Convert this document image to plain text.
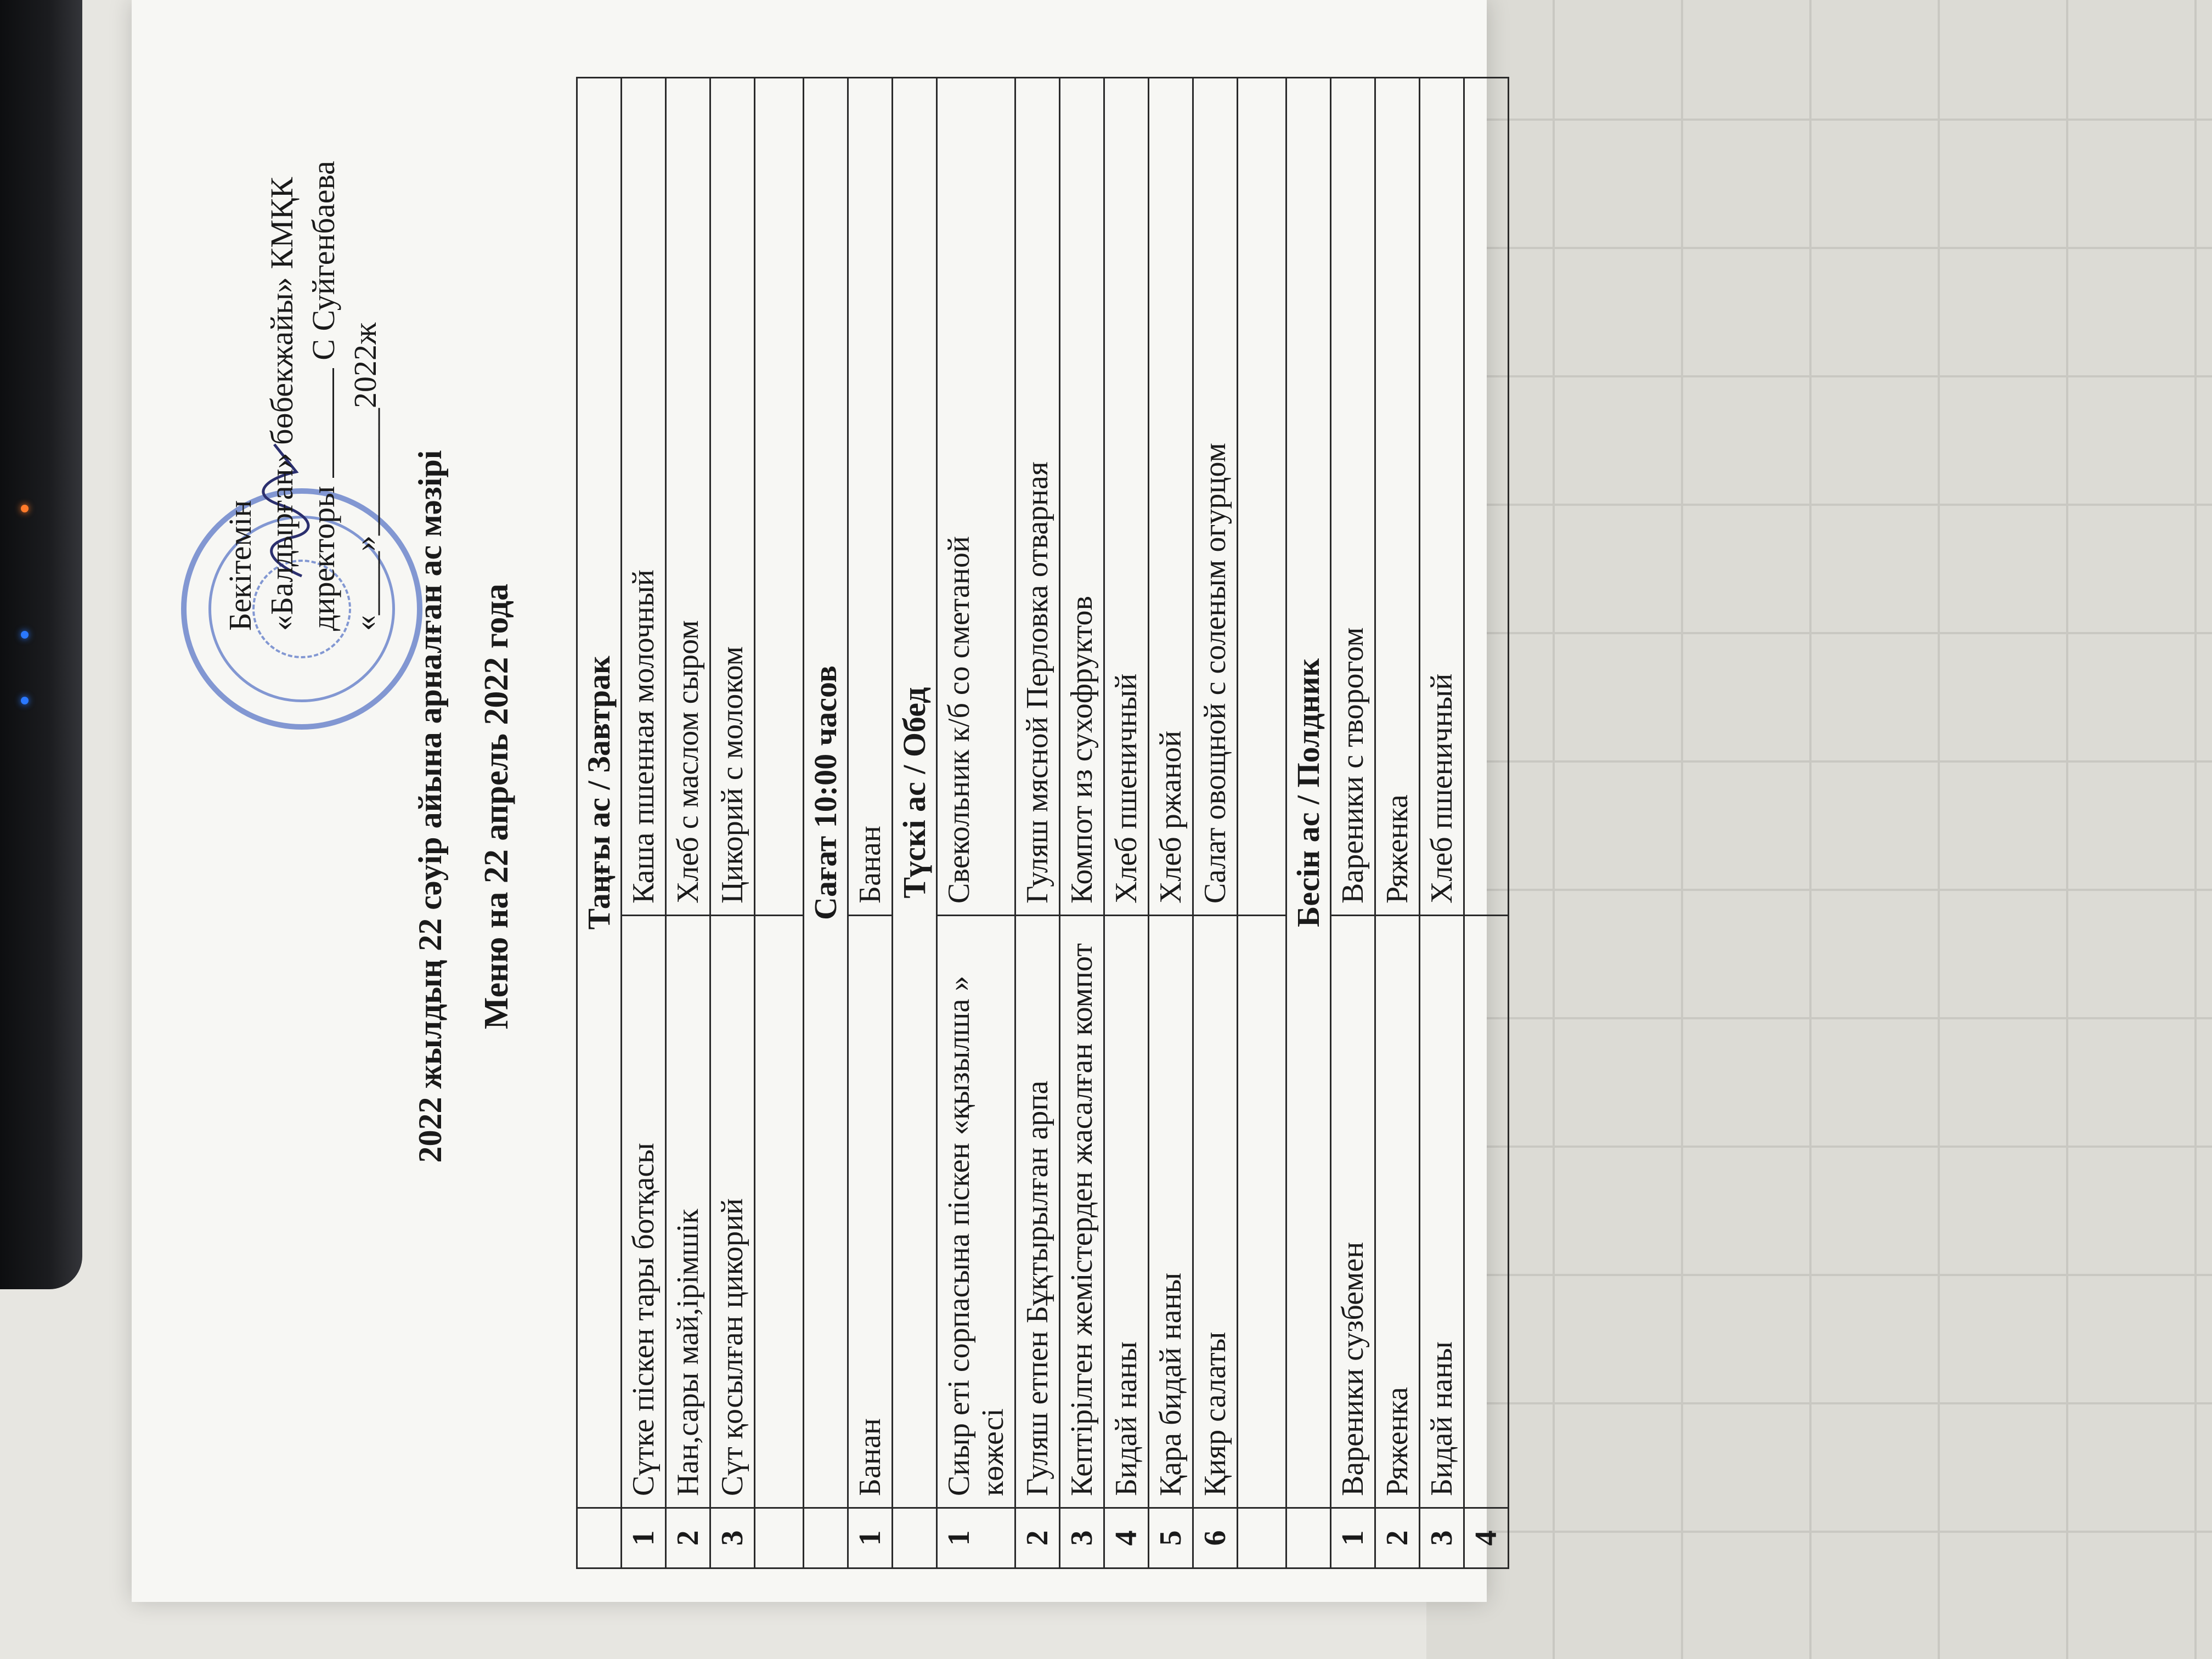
Бекітемін «Балдырған» бөбекжайы» КМҚК директоры  С Суйгенбаева
«____»________2022ж 2022 жылдың 22 сәуір айына арналған ас мәзірі Меню на 22 апрель 2022 года
	Таңғы ас / Завтрак	
1	Сүтке піскен тары ботқасы	Каша пшенная молочный
2	Нан,сары май,ірімшік	Хлеб с маслом сыром
3	Сүт қосылған цикорий	Цикорий с молоком

	Сағат 10:00 часов	
1	Банан	Банан
	Түскі ас / Обед	
1	Сиыр еті сорпасына піскен «қызылша » көжесі	Свекольник к/б со сметаной
2	Гуляш етпен Бұқтырылған арпа	Гуляш мясной Перловка отварная
3	Кептірілген жемістерден жасалған компот	Компот из сухофруктов
4	Бидай наны	Хлеб пшеничный
5	Қара бидай наны	Хлеб ржаной
6	Қияр салаты	Салат овощной с соленым огурцом

	Бесін ас / Полдник	
1	Вареники сузбемен	Вареники с творогом
2	Ряженка	Ряженка
3	Бидай наны	Хлеб пшеничный
4		
